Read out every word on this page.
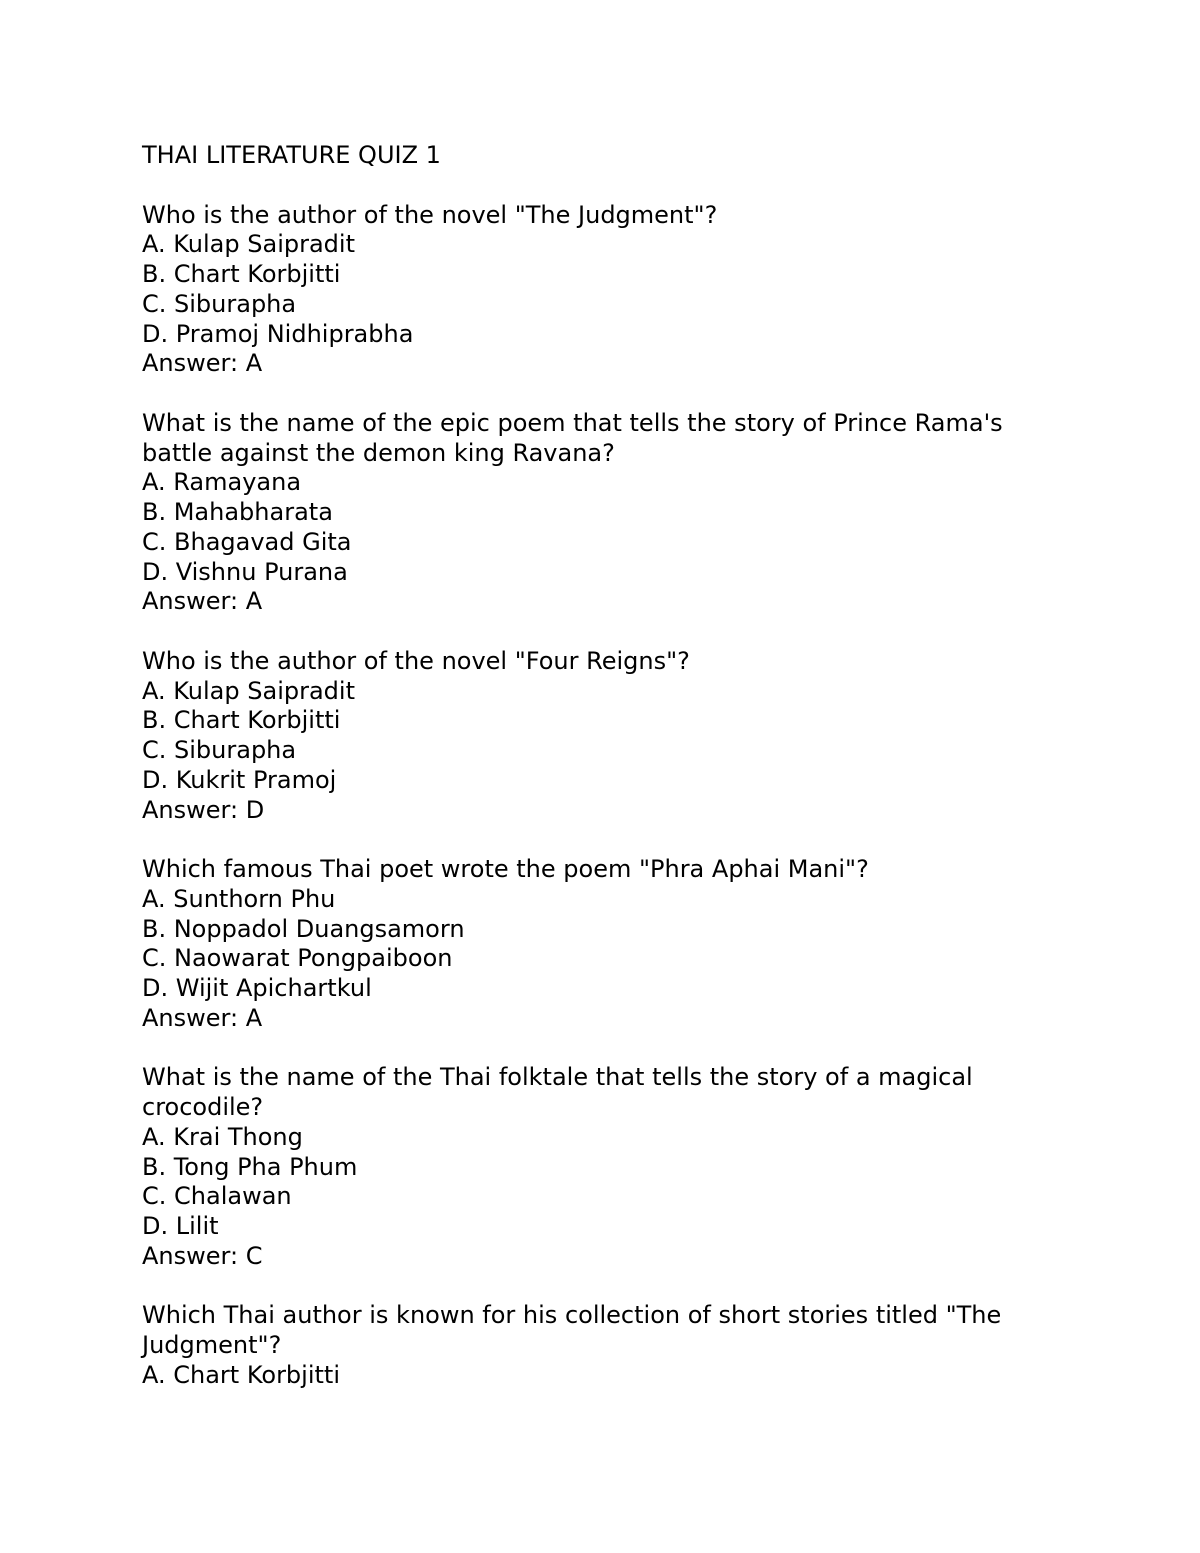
THAI LITERATURE QUIZ 1
Who is the author of the novel "The Judgment"?
A. Kulap Saipradit
B. Chart Korbjitti
C. Siburapha
D. Pramoj Nidhiprabha
Answer: A
What is the name of the epic poem that tells the story of Prince Rama's battle against the demon king Ravana?
A. Ramayana
B. Mahabharata
C. Bhagavad Gita
D. Vishnu Purana
Answer: A
Who is the author of the novel "Four Reigns"?
A. Kulap Saipradit
B. Chart Korbjitti
C. Siburapha
D. Kukrit Pramoj
Answer: D
Which famous Thai poet wrote the poem "Phra Aphai Mani"?
A. Sunthorn Phu
B. Noppadol Duangsamorn
C. Naowarat Pongpaiboon
D. Wijit Apichartkul
Answer: A
What is the name of the Thai folktale that tells the story of a magical crocodile?
A. Krai Thong
B. Tong Pha Phum
C. Chalawan
D. Lilit
Answer: C
Which Thai author is known for his collection of short stories titled "The Judgment"?
A. Chart Korbjitti
